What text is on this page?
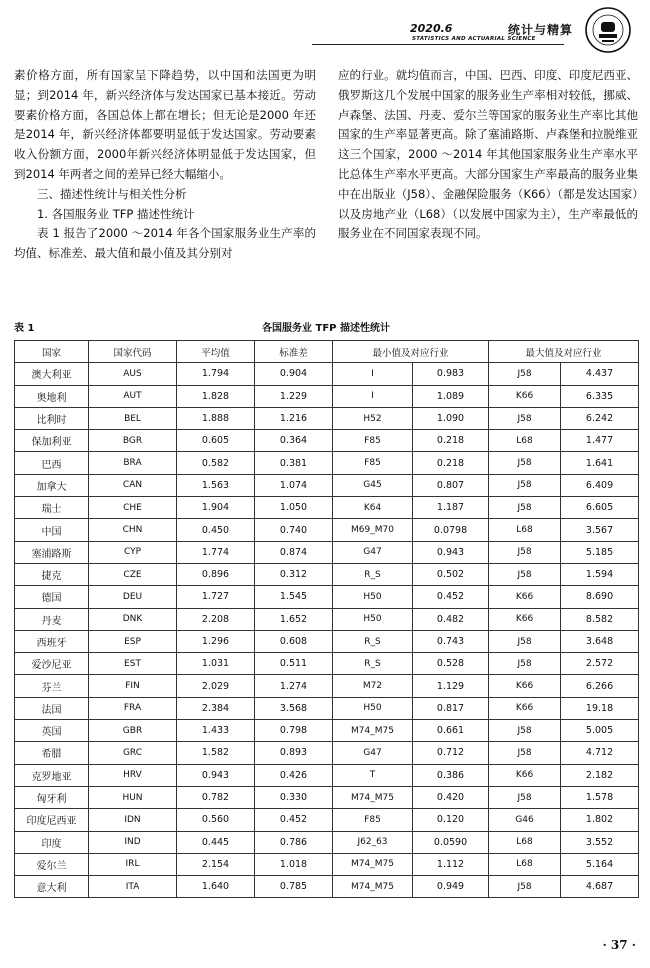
2020.6	统计与精算
STATISTICS AND ACTUARIAL SCIENCE

素价格方面，所有国家呈下降趋势，以中国和法国更为明显；到2014 年，新兴经济体与发达国家已基本接近。劳动要素价格方面，各国总体上都在增长；但无论是2000 年还是2014 年，新兴经济体都要明显低于发达国家。劳动要素收入份额方面，2000年新兴经济体明显低于发达国家，但到2014 年两者之间的差异已经大幅缩小。

三、描述性统计与相关性分析

1. 各国服务业 TFP 描述性统计

表 1 报告了2000 ～2014 年各个国家服务业生产率的均值、标准差、最大值和最小值及其分别对

应的行业。就均值而言，中国、巴西、印度、印度尼西亚、俄罗斯这几个发展中国家的服务业生产率相对较低，挪威、卢森堡、法国、丹麦、爱尔兰等国家的服务业生产率比其他国家的生产率显著更高。除了塞浦路斯、卢森堡和拉脱维亚这三个国家，2000 ～2014 年其他国家服务业生产率水平比总体生产率水平更高。大部分国家生产率最高的服务业集中在出版业（J58）、金融保险服务（K66）（都是发达国家）以及房地产业（L68）（以发展中国家为主），生产率最低的服务业在不同国家表现不同。

表 1	各国服务业 TFP 描述性统计
国家	国家代码	平均值	标准差	最小值及对应行业		最大值及对应行业	
澳大利亚	AUS	1.794	0.904	I	0.983	J58	4.437
奥地利	AUT	1.828	1.229	I	1.089	K66	6.335
比利时	BEL	1.888	1.216	H52	1.090	J58	6.242
保加利亚	BGR	0.605	0.364	F85	0.218	L68	1.477
巴西	BRA	0.582	0.381	F85	0.218	J58	1.641
加拿大	CAN	1.563	1.074	G45	0.807	J58	6.409
瑞士	CHE	1.904	1.050	K64	1.187	J58	6.605
中国	CHN	0.450	0.740	M69_M70	0.0798	L68	3.567
塞浦路斯	CYP	1.774	0.874	G47	0.943	J58	5.185
捷克	CZE	0.896	0.312	R_S	0.502	J58	1.594
德国	DEU	1.727	1.545	H50	0.452	K66	8.690
丹麦	DNK	2.208	1.652	H50	0.482	K66	8.582
西班牙	ESP	1.296	0.608	R_S	0.743	J58	3.648
爱沙尼亚	EST	1.031	0.511	R_S	0.528	J58	2.572
芬兰	FIN	2.029	1.274	M72	1.129	K66	6.266
法国	FRA	2.384	3.568	H50	0.817	K66	19.18
英国	GBR	1.433	0.798	M74_M75	0.661	J58	5.005
希腊	GRC	1.582	0.893	G47	0.712	J58	4.712
克罗地亚	HRV	0.943	0.426	T	0.386	K66	2.182
匈牙利	HUN	0.782	0.330	M74_M75	0.420	J58	1.578
印度尼西亚	IDN	0.560	0.452	F85	0.120	G46	1.802
印度	IND	0.445	0.786	J62_63	0.0590	L68	3.552
爱尔兰	IRL	2.154	1.018	M74_M75	1.112	L68	5.164
意大利	ITA	1.640	0.785	M74_M75	0.949	J58	4.687
· 37 ·
